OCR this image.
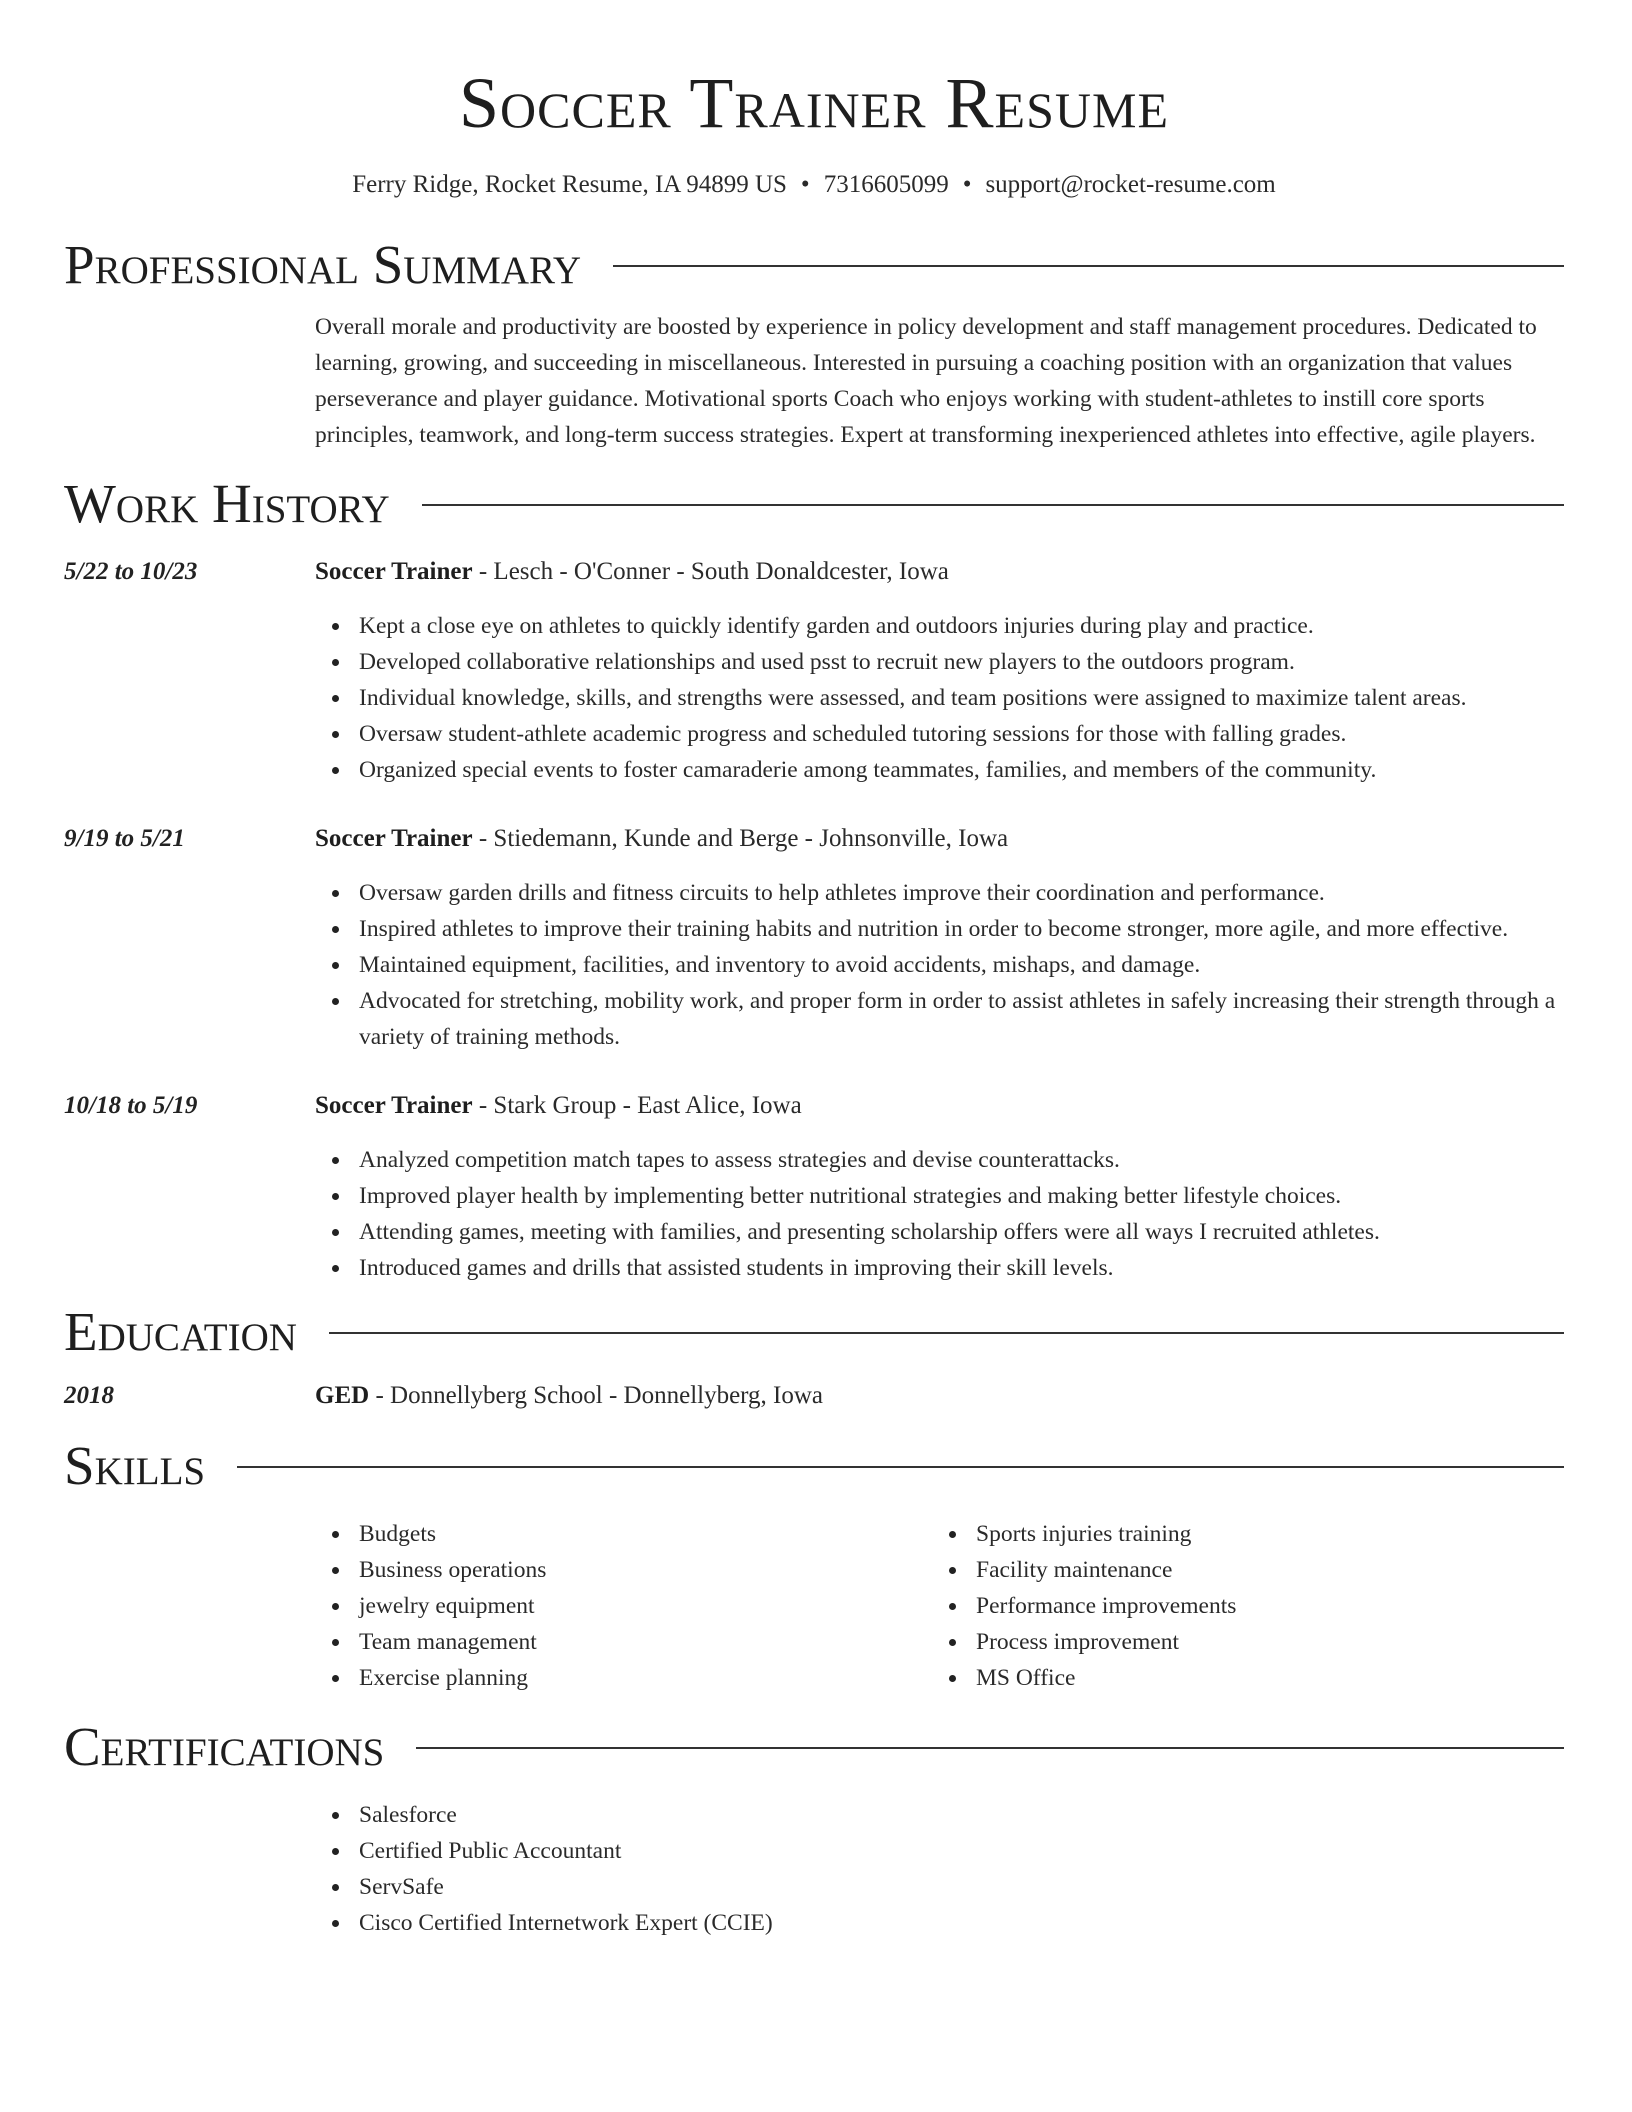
Soccer Trainer Resume
Ferry Ridge, Rocket Resume, IA 94899 US • 7316605099 • support@rocket-resume.com
Professional Summary

Overall morale and productivity are boosted by experience in policy development and staff management procedures. Dedicated to learning, growing, and succeeding in miscellaneous. Interested in pursuing a coaching position with an organization that values perseverance and player guidance. Motivational sports Coach who enjoys working with student-athletes to instill core sports principles, teamwork, and long-term success strategies. Expert at transforming inexperienced athletes into effective, agile players.

Work History
5/22 to 10/23	Soccer Trainer - Lesch - O'Conner - South Donaldcester, Iowa
Kept a close eye on athletes to quickly identify garden and outdoors injuries during play and practice.
Developed collaborative relationships and used psst to recruit new players to the outdoors program.
Individual knowledge, skills, and strengths were assessed, and team positions were assigned to maximize talent areas.
Oversaw student-athlete academic progress and scheduled tutoring sessions for those with falling grades.
Organized special events to foster camaraderie among teammates, families, and members of the community.
9/19 to 5/21	Soccer Trainer - Stiedemann, Kunde and Berge - Johnsonville, Iowa
Oversaw garden drills and fitness circuits to help athletes improve their coordination and performance.
Inspired athletes to improve their training habits and nutrition in order to become stronger, more agile, and more effective.
Maintained equipment, facilities, and inventory to avoid accidents, mishaps, and damage.
Advocated for stretching, mobility work, and proper form in order to assist athletes in safely increasing their strength through a variety of training methods.
10/18 to 5/19	Soccer Trainer - Stark Group - East Alice, Iowa
Analyzed competition match tapes to assess strategies and devise counterattacks.
Improved player health by implementing better nutritional strategies and making better lifestyle choices.
Attending games, meeting with families, and presenting scholarship offers were all ways I recruited athletes.
Introduced games and drills that assisted students in improving their skill levels.
Education
2018	GED - Donnellyberg School - Donnellyberg, Iowa
Skills
Budgets
Business operations
jewelry equipment
Team management
Exercise planning
Sports injuries training
Facility maintenance
Performance improvements
Process improvement
MS Office
Certifications
Salesforce
Certified Public Accountant
ServSafe
Cisco Certified Internetwork Expert (CCIE)
